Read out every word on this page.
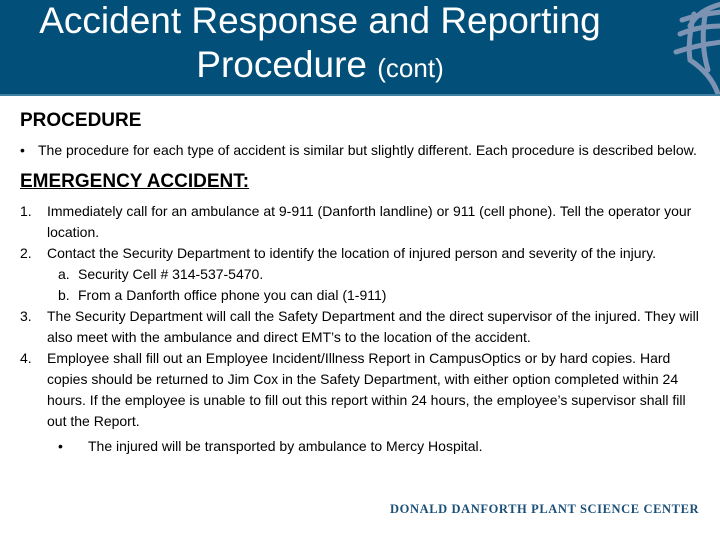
Accident Response and Reporting
Procedure (cont)
PROCEDURE
• The procedure for each type of accident is similar but slightly different. Each procedure is described below.
EMERGENCY ACCIDENT:
1. Immediately call for an ambulance at 9-911 (Danforth landline) or 911 (cell phone). Tell the operator your location.
2. Contact the Security Department to identify the location of injured person and severity of the injury.
a. Security Cell # 314-537-5470.
b. From a Danforth office phone you can dial (1-911)
3. The Security Department will call the Safety Department and the direct supervisor of the injured. They will also meet with the ambulance and direct EMT’s to the location of the accident.
4. Employee shall fill out an Employee Incident/Illness Report in CampusOptics or by hard copies. Hard copies should be returned to Jim Cox in the Safety Department, with either option completed within 24 hours. If the employee is unable to fill out this report within 24 hours, the employee’s supervisor shall fill out the Report.
• The injured will be transported by ambulance to Mercy Hospital.
DONALD DANFORTH PLANT SCIENCE CENTER
